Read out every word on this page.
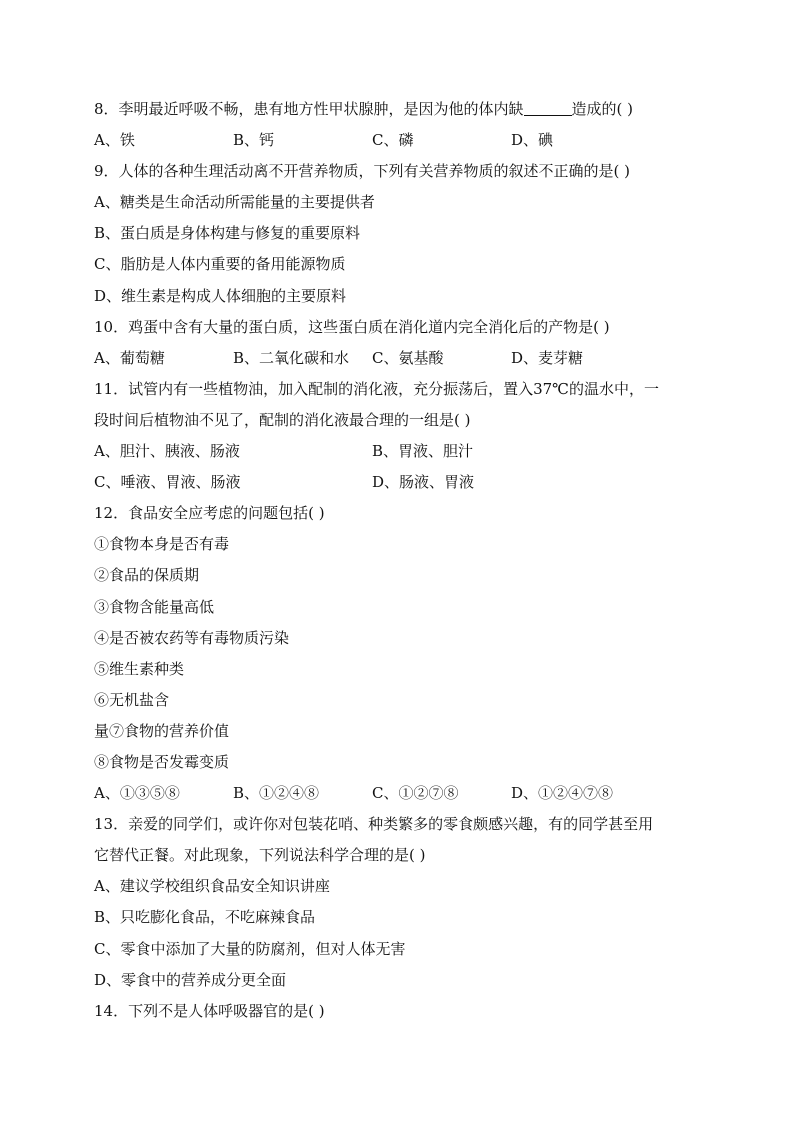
8．李明最近呼吸不畅，患有地方性甲状腺肿，是因为他的体内缺	造成的( )
A、铁	B、钙	C、磷	D、碘
9．人体的各种生理活动离不开营养物质，下列有关营养物质的叙述不正确的是( )
A、糖类是生命活动所需能量的主要提供者
B、蛋白质是身体构建与修复的重要原料
C、脂肪是人体内重要的备用能源物质
D、维生素是构成人体细胞的主要原料
10．鸡蛋中含有大量的蛋白质，这些蛋白质在消化道内完全消化后的产物是( )
A、葡萄糖	B、二氧化碳和水	C、氨基酸	D、麦芽糖
11．试管内有一些植物油，加入配制的消化液，充分振荡后，置入37℃的温水中，一
段时间后植物油不见了，配制的消化液最合理的一组是( )
A、胆汁、胰液、肠液	B、胃液、胆汁
C、唾液、胃液、肠液	D、肠液、胃液
12．食品安全应考虑的问题包括( )
①食物本身是否有毒
②食品的保质期
③食物含能量高低
④是否被农药等有毒物质污染
⑤维生素种类
⑥无机盐含
量⑦食物的营养价值
⑧食物是否发霉变质
A、①③⑤⑧	B、①②④⑧	C、①②⑦⑧	D、①②④⑦⑧
13．亲爱的同学们，或许你对包装花哨、种类繁多的零食颇感兴趣，有的同学甚至用
它替代正餐。对此现象，下列说法科学合理的是( )
A、建议学校组织食品安全知识讲座
B、只吃膨化食品，不吃麻辣食品
C、零食中添加了大量的防腐剂，但对人体无害
D、零食中的营养成分更全面
14．下列不是人体呼吸器官的是( )
